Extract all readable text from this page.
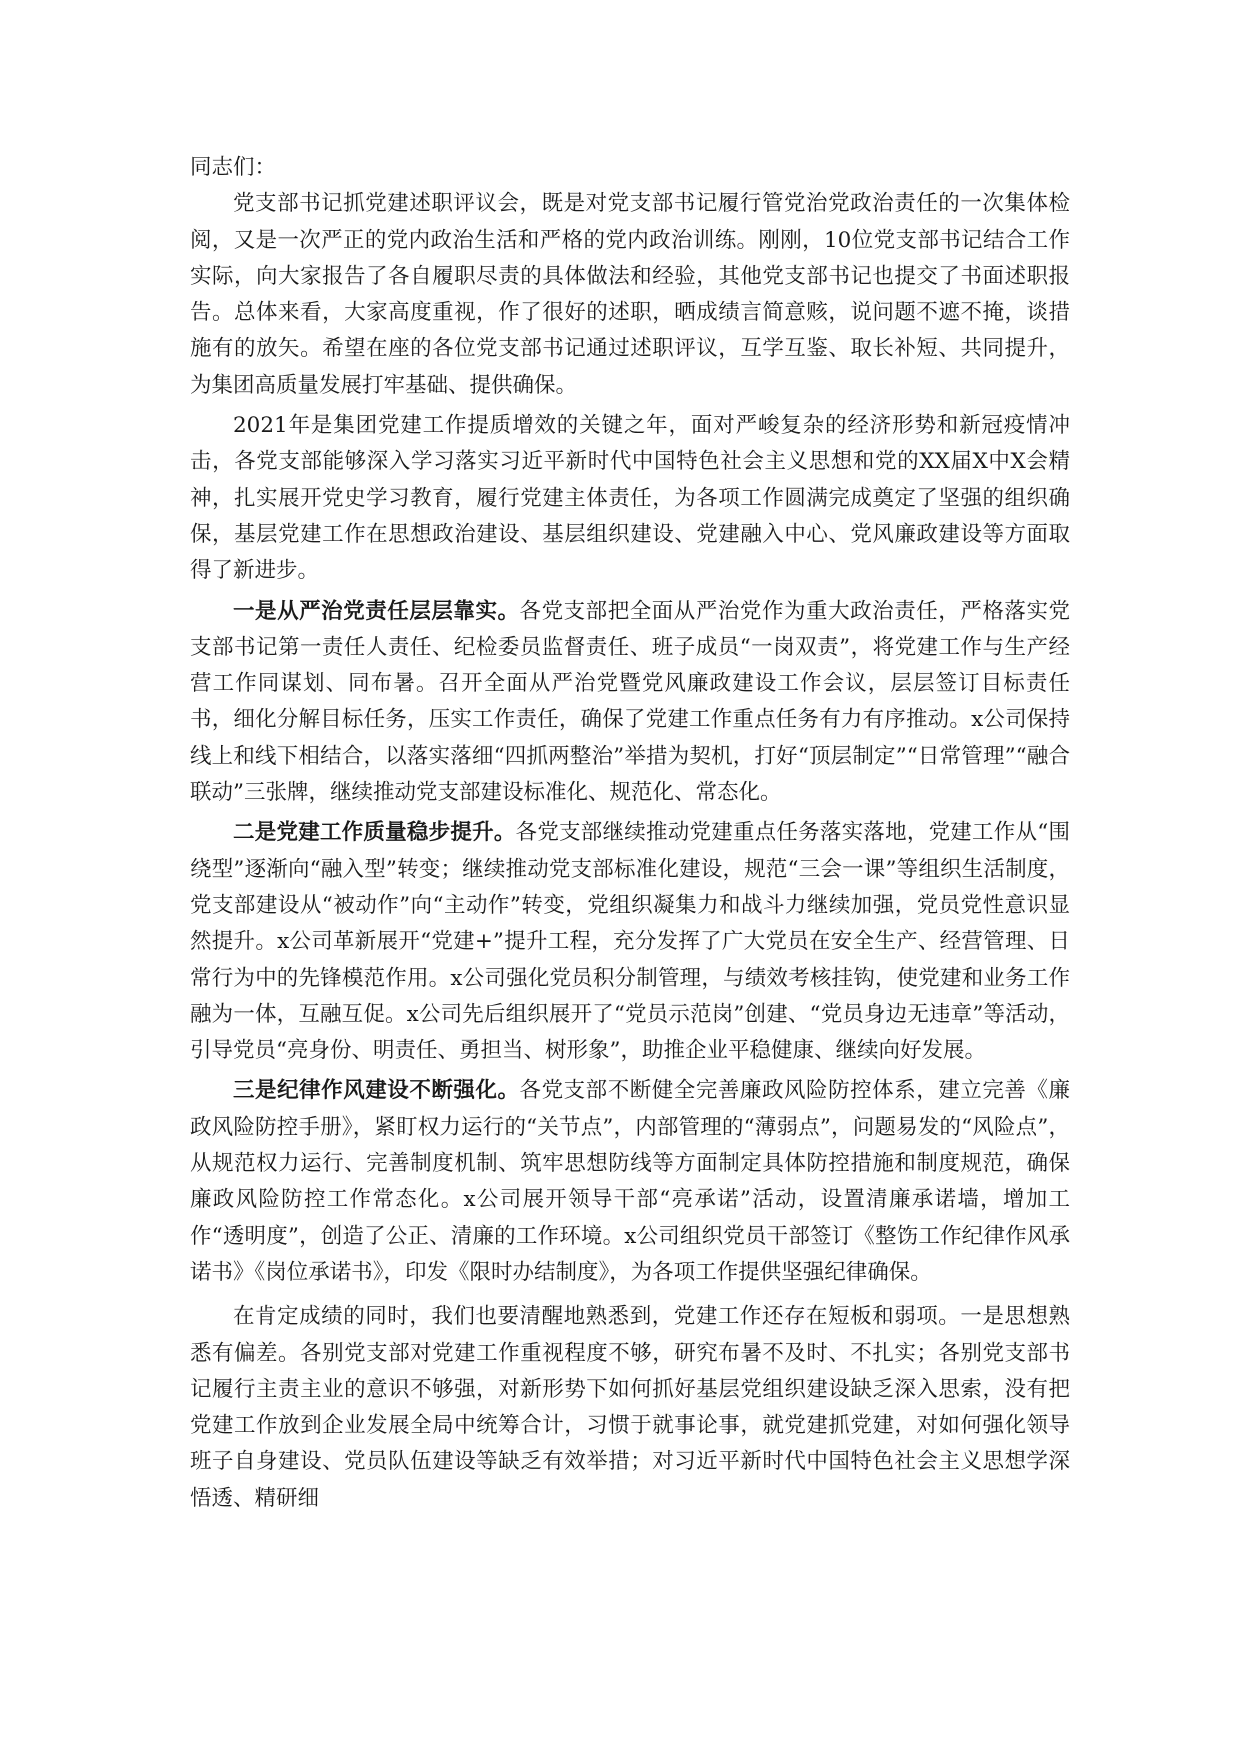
同志们：

党支部书记抓党建述职评议会，既是对党支部书记履行管党治党政治责任的一次集体检阅，又是一次严正的党内政治生活和严格的党内政治训练。刚刚，10位党支部书记结合工作实际，向大家报告了各自履职尽责的具体做法和经验，其他党支部书记也提交了书面述职报告。总体来看，大家高度重视，作了很好的述职，晒成绩言简意赅，说问题不遮不掩，谈措施有的放矢。希望在座的各位党支部书记通过述职评议，互学互鉴、取长补短、共同提升，为集团高质量发展打牢基础、提供确保。

2021年是集团党建工作提质增效的关键之年，面对严峻复杂的经济形势和新冠疫情冲击，各党支部能够深入学习落实习近平新时代中国特色社会主义思想和党的XX届X中X会精神，扎实展开党史学习教育，履行党建主体责任，为各项工作圆满完成奠定了坚强的组织确保，基层党建工作在思想政治建设、基层组织建设、党建融入中心、党风廉政建设等方面取得了新进步。

一是从严治党责任层层靠实。各党支部把全面从严治党作为重大政治责任，严格落实党支部书记第一责任人责任、纪检委员监督责任、班子成员“一岗双责”，将党建工作与生产经营工作同谋划、同布暑。召开全面从严治党暨党风廉政建设工作会议，层层签订目标责任书，细化分解目标任务，压实工作责任，确保了党建工作重点任务有力有序推动。x公司保持线上和线下相结合，以落实落细“四抓两整治”举措为契机，打好“顶层制定”“日常管理”“融合联动”三张牌，继续推动党支部建设标准化、规范化、常态化。

二是党建工作质量稳步提升。各党支部继续推动党建重点任务落实落地，党建工作从“围绕型”逐渐向“融入型”转变；继续推动党支部标准化建设，规范“三会一课”等组织生活制度，党支部建设从“被动作”向“主动作”转变，党组织凝集力和战斗力继续加强，党员党性意识显然提升。x公司革新展开“党建+”提升工程，充分发挥了广大党员在安全生产、经营管理、日常行为中的先锋模范作用。x公司强化党员积分制管理，与绩效考核挂钩，使党建和业务工作融为一体，互融互促。x公司先后组织展开了“党员示范岗”创建、“党员身边无违章”等活动，引导党员“亮身份、明责任、勇担当、树形象”，助推企业平稳健康、继续向好发展。

三是纪律作风建设不断强化。各党支部不断健全完善廉政风险防控体系，建立完善《廉政风险防控手册》，紧盯权力运行的“关节点”，内部管理的“薄弱点”，问题易发的“风险点”，从规范权力运行、完善制度机制、筑牢思想防线等方面制定具体防控措施和制度规范，确保廉政风险防控工作常态化。x公司展开领导干部“亮承诺”活动，设置清廉承诺墙，增加工作“透明度”，创造了公正、清廉的工作环境。x公司组织党员干部签订《整饬工作纪律作风承诺书》《岗位承诺书》，印发《限时办结制度》，为各项工作提供坚强纪律确保。

在肯定成绩的同时，我们也要清醒地熟悉到，党建工作还存在短板和弱项。一是思想熟悉有偏差。各别党支部对党建工作重视程度不够，研究布暑不及时、不扎实；各别党支部书记履行主责主业的意识不够强，对新形势下如何抓好基层党组织建设缺乏深入思索，没有把党建工作放到企业发展全局中统筹合计，习惯于就事论事，就党建抓党建，对如何强化领导班子自身建设、党员队伍建设等缺乏有效举措；对习近平新时代中国特色社会主义思想学深悟透、精研细
